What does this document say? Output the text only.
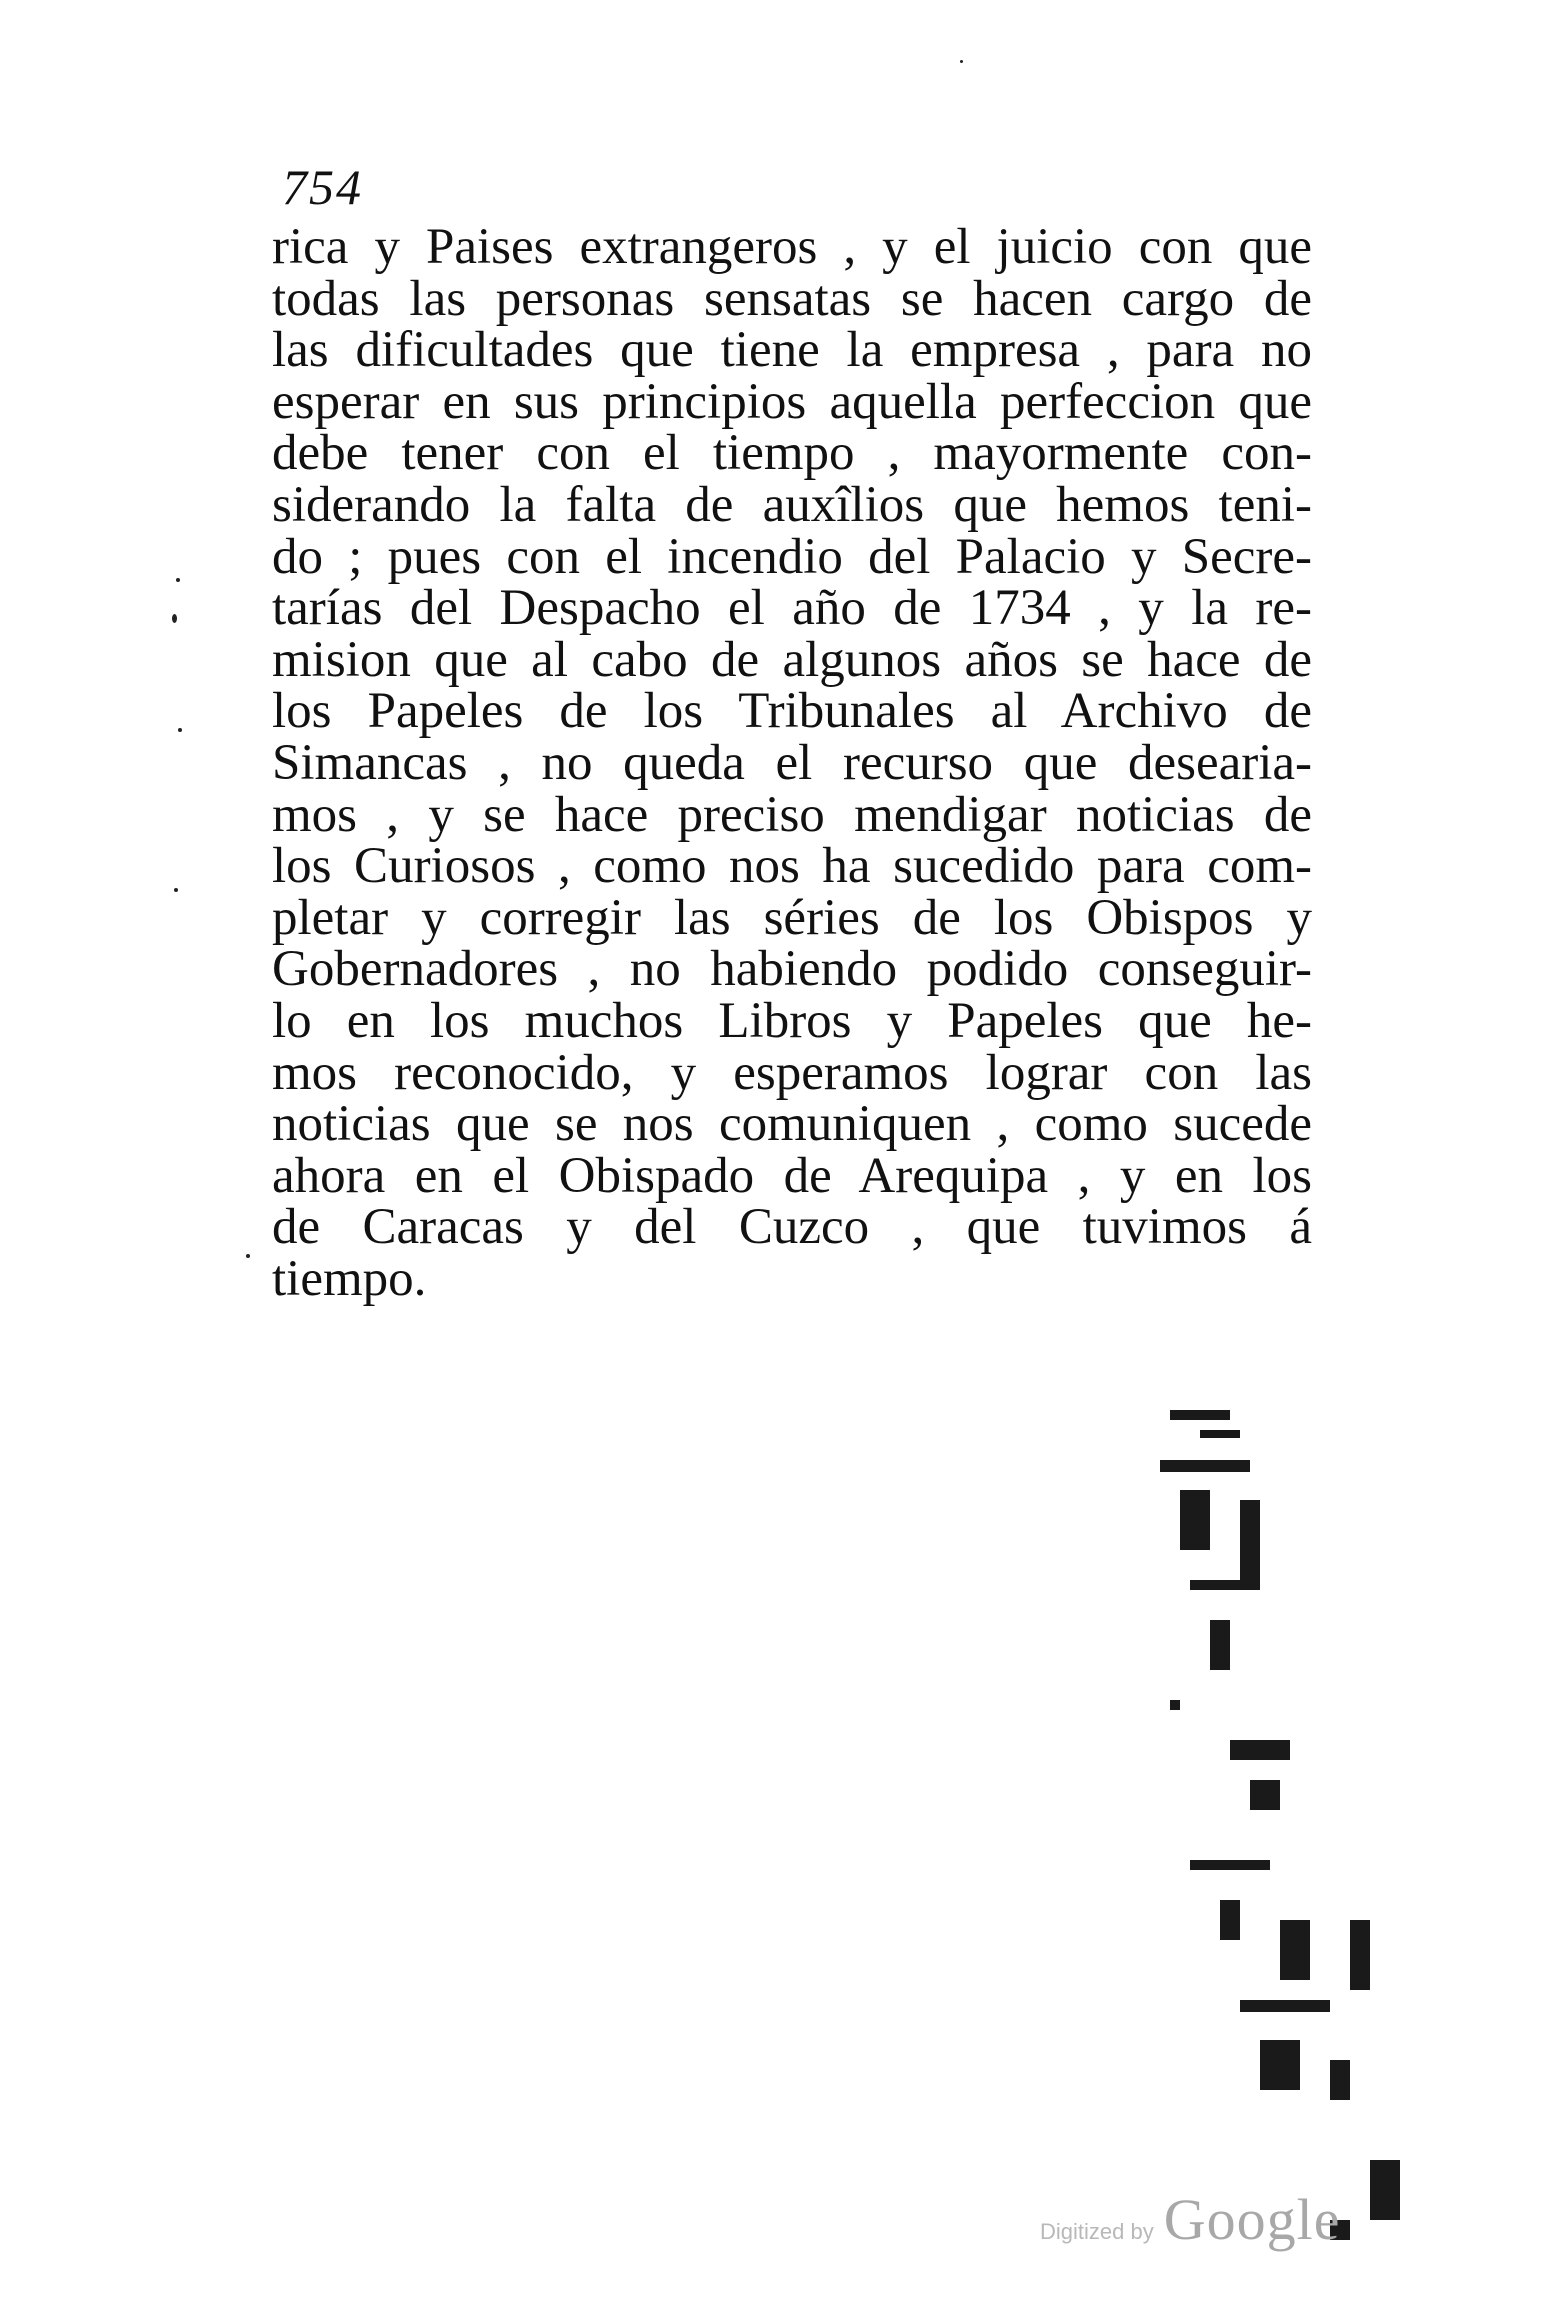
754
rica y Paises extrangeros , y el juicio con que
todas las personas sensatas se hacen cargo de
las dificultades que tiene la empresa , para no
esperar en sus principios aquella perfeccion que
debe tener con el tiempo , mayormente con-
siderando la falta de auxîlios que hemos teni-
do ; pues con el incendio del Palacio y Secre-
tarías del Despacho el año de 1734 , y la re-
mision que al cabo de algunos años se hace de
los Papeles de los Tribunales al Archivo de
Simancas , no queda el recurso que deseariа-
mos , y se hace preciso mendigar noticias de
los Curiosos , como nos ha sucedido para com-
pletar y corregir las séries de los Obispos y
Gobernadores , no habiendo podido conseguir-
lo en los muchos Libros y Papeles que he-
mos reconocido, y esperamos lograr con las
noticias que se nos comuniquen , como sucede
ahora en el Obispado de Arequipa , y en los
de Caracas y del Cuzco , que tuvimos á
tiempo.
Digitized by Google
